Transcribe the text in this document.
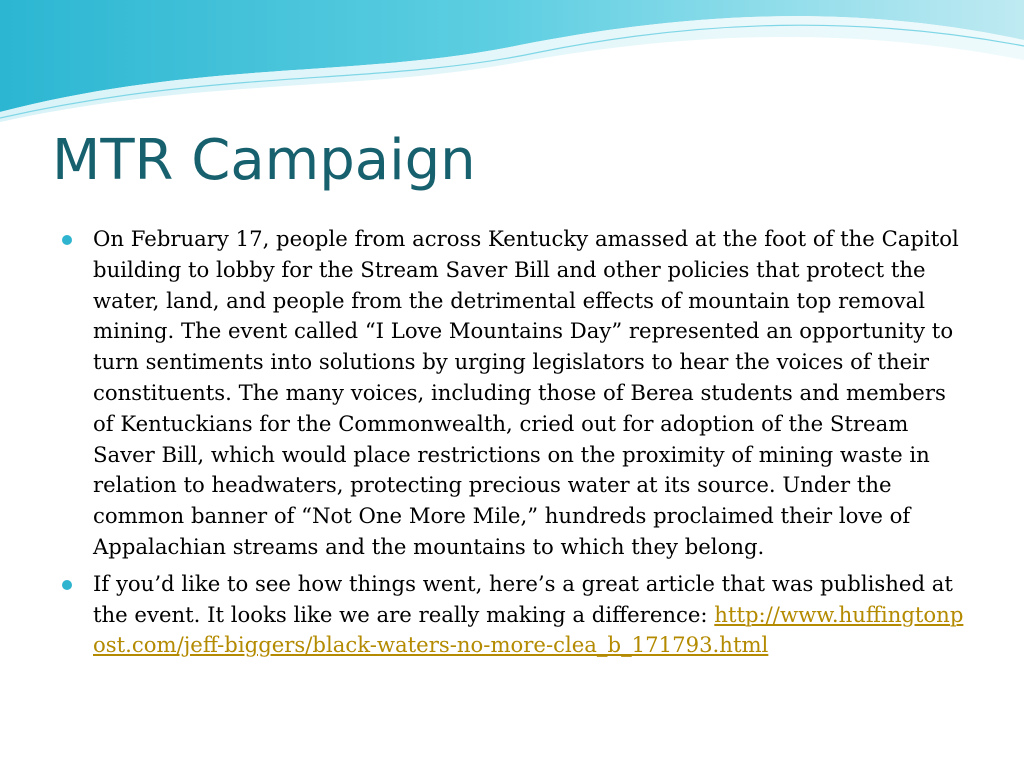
MTR Campaign
On February 17, people from across Kentucky amassed at the foot of the Capitol building to lobby for the Stream Saver Bill and other policies that protect the water, land, and people from the detrimental effects of mountain top removal mining. The event called “I Love Mountains Day” represented an opportunity to turn sentiments into solutions by urging legislators to hear the voices of their constituents. The many voices, including those of Berea students and members of Kentuckians for the Commonwealth, cried out for adoption of the Stream Saver Bill, which would place restrictions on the proximity of mining waste in relation to headwaters, protecting precious water at its source. Under the common banner of “Not One More Mile,” hundreds proclaimed their love of Appalachian streams and the mountains to which they belong.
If you’d like to see how things went, here’s a great article that was published at the event. It looks like we are really making a difference: http://www.huffingtonpost.com/jeff-biggers/black-waters-no-more-clea_b_171793.html
